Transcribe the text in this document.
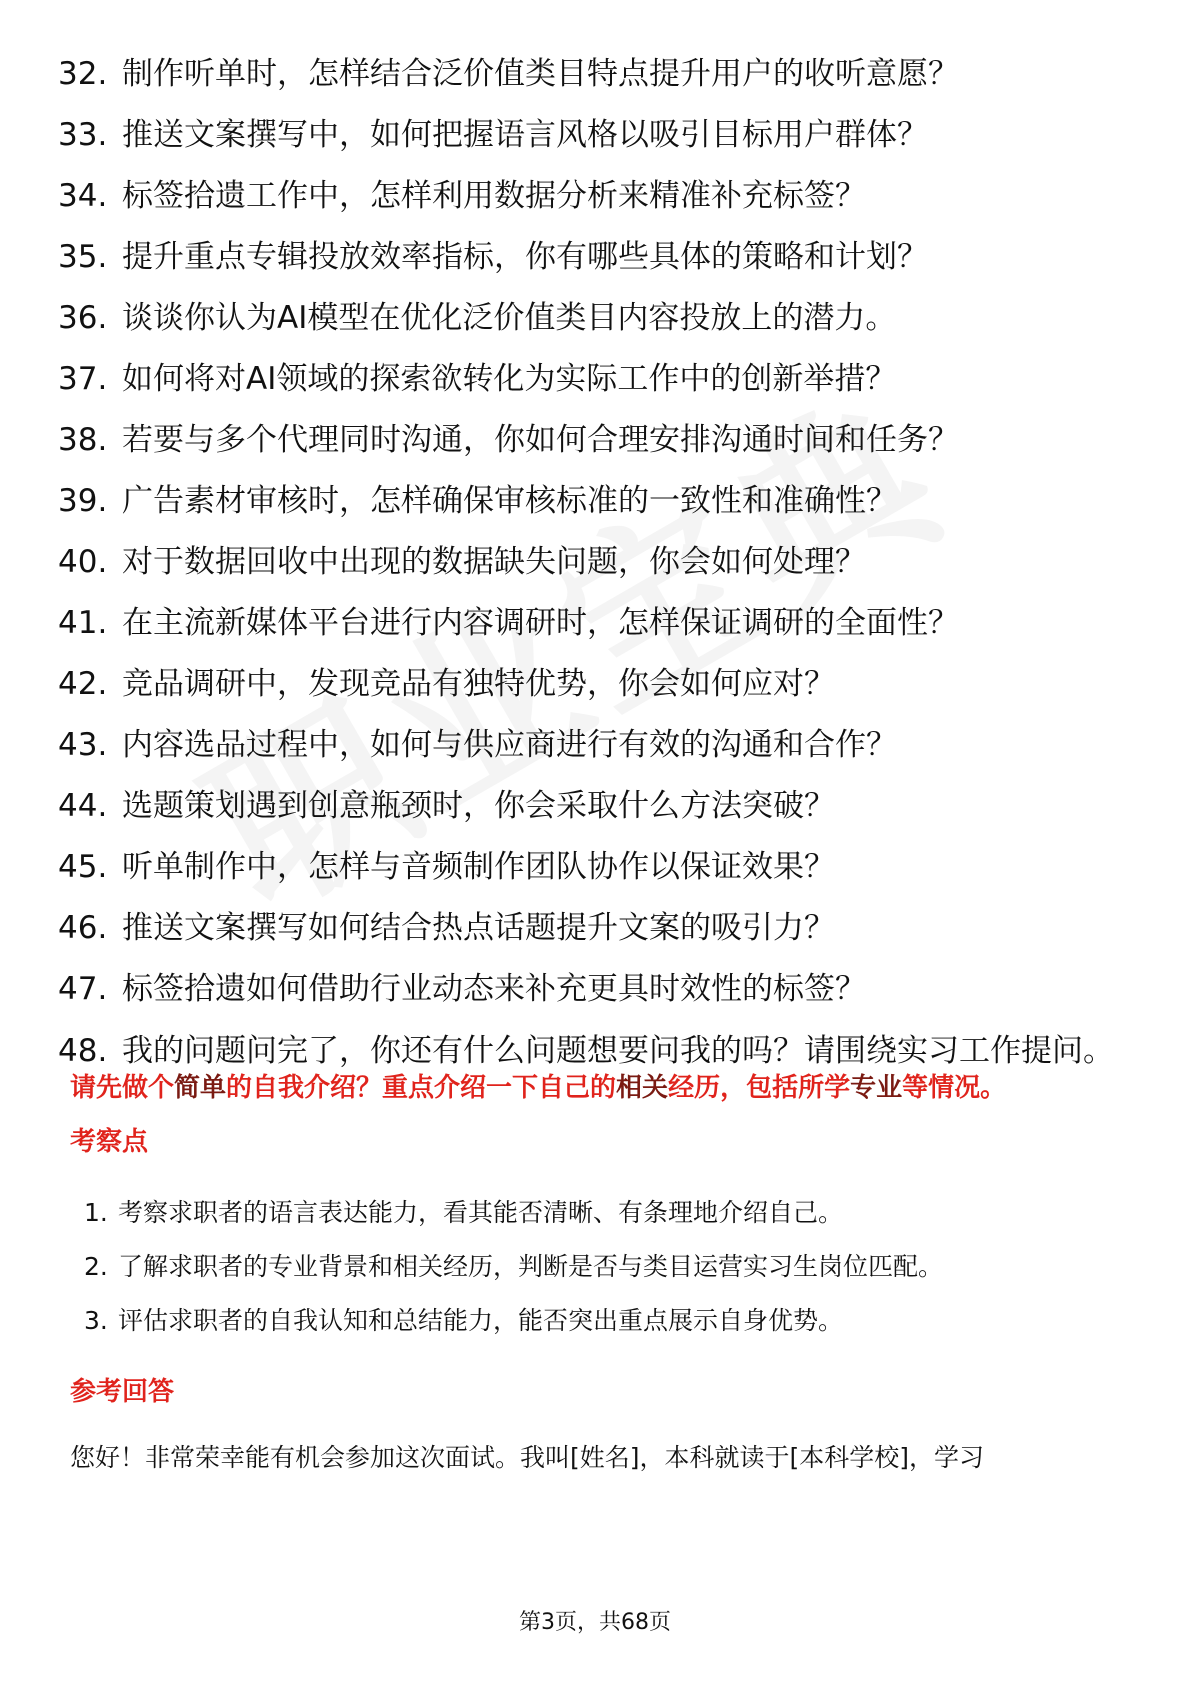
32. 制作听单时，怎样结合泛价值类目特点提升用户的收听意愿？
33. 推送文案撰写中，如何把握语言风格以吸引目标用户群体？
34. 标签拾遗工作中，怎样利用数据分析来精准补充标签？
35. 提升重点专辑投放效率指标，你有哪些具体的策略和计划？
36. 谈谈你认为AI模型在优化泛价值类目内容投放上的潜力。
37. 如何将对AI领域的探索欲转化为实际工作中的创新举措？
38. 若要与多个代理同时沟通，你如何合理安排沟通时间和任务？
39. 广告素材审核时，怎样确保审核标准的一致性和准确性？
40. 对于数据回收中出现的数据缺失问题，你会如何处理？
41. 在主流新媒体平台进行内容调研时，怎样保证调研的全面性？
42. 竞品调研中，发现竞品有独特优势，你会如何应对？
43. 内容选品过程中，如何与供应商进行有效的沟通和合作？
44. 选题策划遇到创意瓶颈时，你会采取什么方法突破？
45. 听单制作中，怎样与音频制作团队协作以保证效果？
46. 推送文案撰写如何结合热点话题提升文案的吸引力？
47. 标签拾遗如何借助行业动态来补充更具时效性的标签？
48. 我的问题问完了，你还有什么问题想要问我的吗？请围绕实习工作提问。
请先做个简单的自我介绍？重点介绍一下自己的相关经历，包括所学专业等情况。
考察点
1. 考察求职者的语言表达能力，看其能否清晰、有条理地介绍自己。
2. 了解求职者的专业背景和相关经历，判断是否与类目运营实习生岗位匹配。
3. 评估求职者的自我认知和总结能力，能否突出重点展示自身优势。
参考回答
您好！非常荣幸能有机会参加这次面试。我叫[姓名]，本科就读于[本科学校]，学习
第3页，共68页
